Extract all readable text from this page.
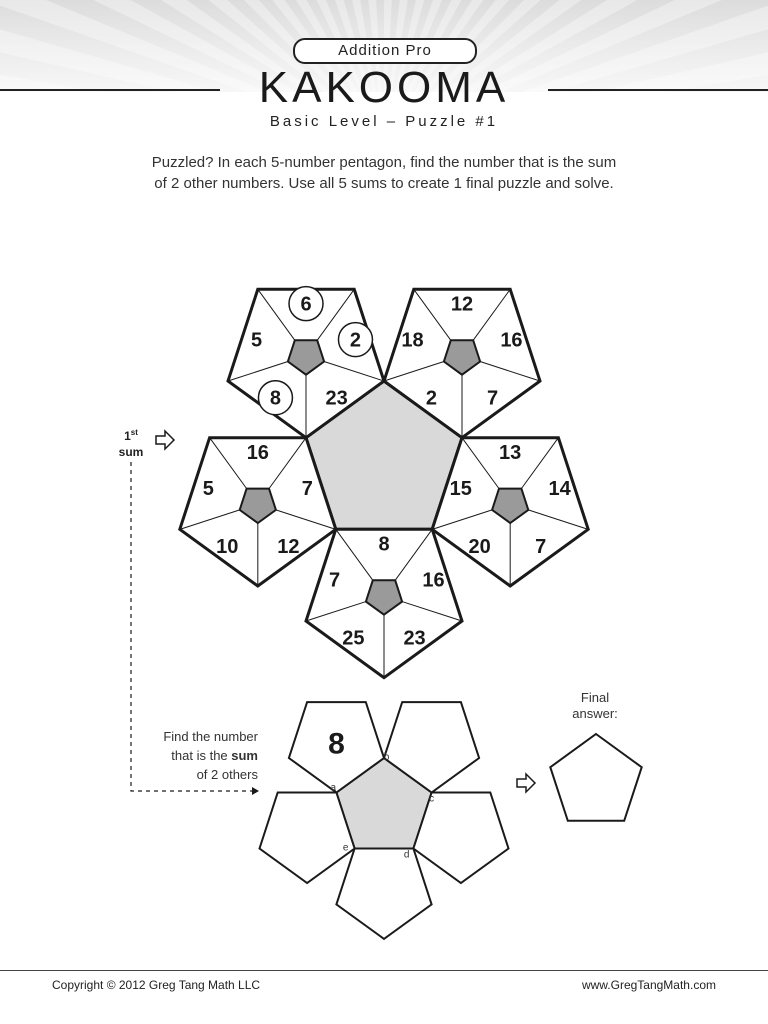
Addition Pro
KAKOOMA
Basic Level – Puzzle #1
Puzzled? In each 5-number pentagon, find the number that is the sum
of 2 other numbers. Use all 5 sums to create 1 final puzzle and solve.
1st
sum
Find the number
that is the sum
of 2 others
Final
answer:
12
16
7
2
18
14
7
20
15
13
23
25
7
8
16
10
5
16
7
12
5
6
2
23
8
b
c
d
e
a
8
Copyright © 2012 Greg Tang Math LLC	www.GregTangMath.com
